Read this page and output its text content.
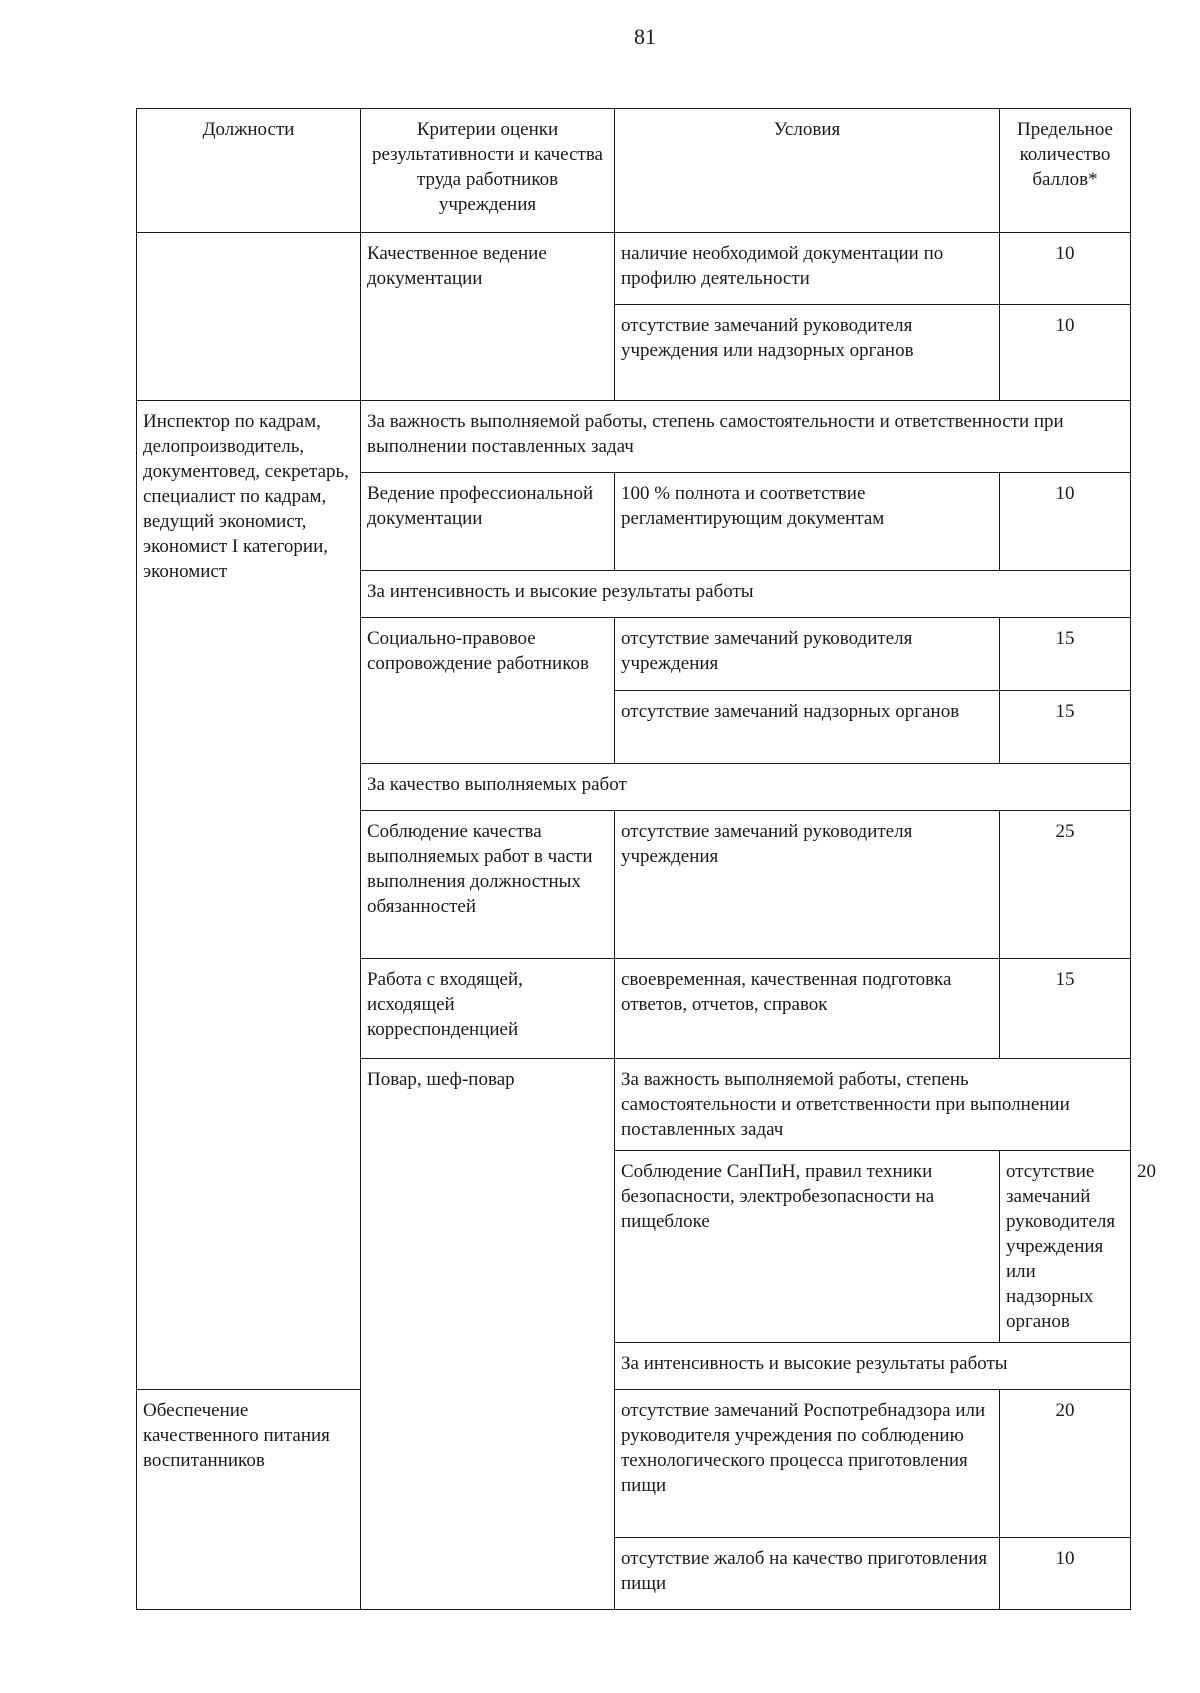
81
Должности	Критерии оценки результативности и качества труда работников учреждения	Условия	Предельное количество баллов*	
	Качественное ведение документации	наличие необходимой документации по профилю деятельности	10	
		отсутствие замечаний руководителя учреждения или надзорных органов	10	
Инспектор по кадрам, делопроизводитель, документовед, секретарь, специалист по кадрам, ведущий экономист, экономист I категории, экономист	За важность выполняемой работы, степень самостоятельности и ответственности при выполнении поставленных задач			
	Ведение профессиональной документации	100 % полнота и соответствие регламентирующим документам	10	
	За интенсивность и высокие результаты работы			
	Социально-правовое сопровождение работников	отсутствие замечаний руководителя учреждения	15	
		отсутствие замечаний надзорных органов	15	
	За качество выполняемых работ			
	Соблюдение качества выполняемых работ в части выполнения должностных обязанностей	отсутствие замечаний руководителя учреждения	25	
	Работа с входящей, исходящей корреспонденцией	своевременная, качественная подготовка ответов, отчетов, справок	15	
	Повар, шеф-повар	За важность выполняемой работы, степень самостоятельности и ответственности при выполнении поставленных задач		
		Соблюдение СанПиН, правил техники безопасности, электробезопасности на пищеблоке	отсутствие замечаний руководителя учреждения или надзорных органов	20
		За интенсивность и высокие результаты работы		
Обеспечение качественного питания воспитанников		отсутствие замечаний Роспотребнадзора или руководителя учреждения по соблюдению технологического процесса приготовления пищи	20	
		отсутствие жалоб на качество приготовления пищи	10	
